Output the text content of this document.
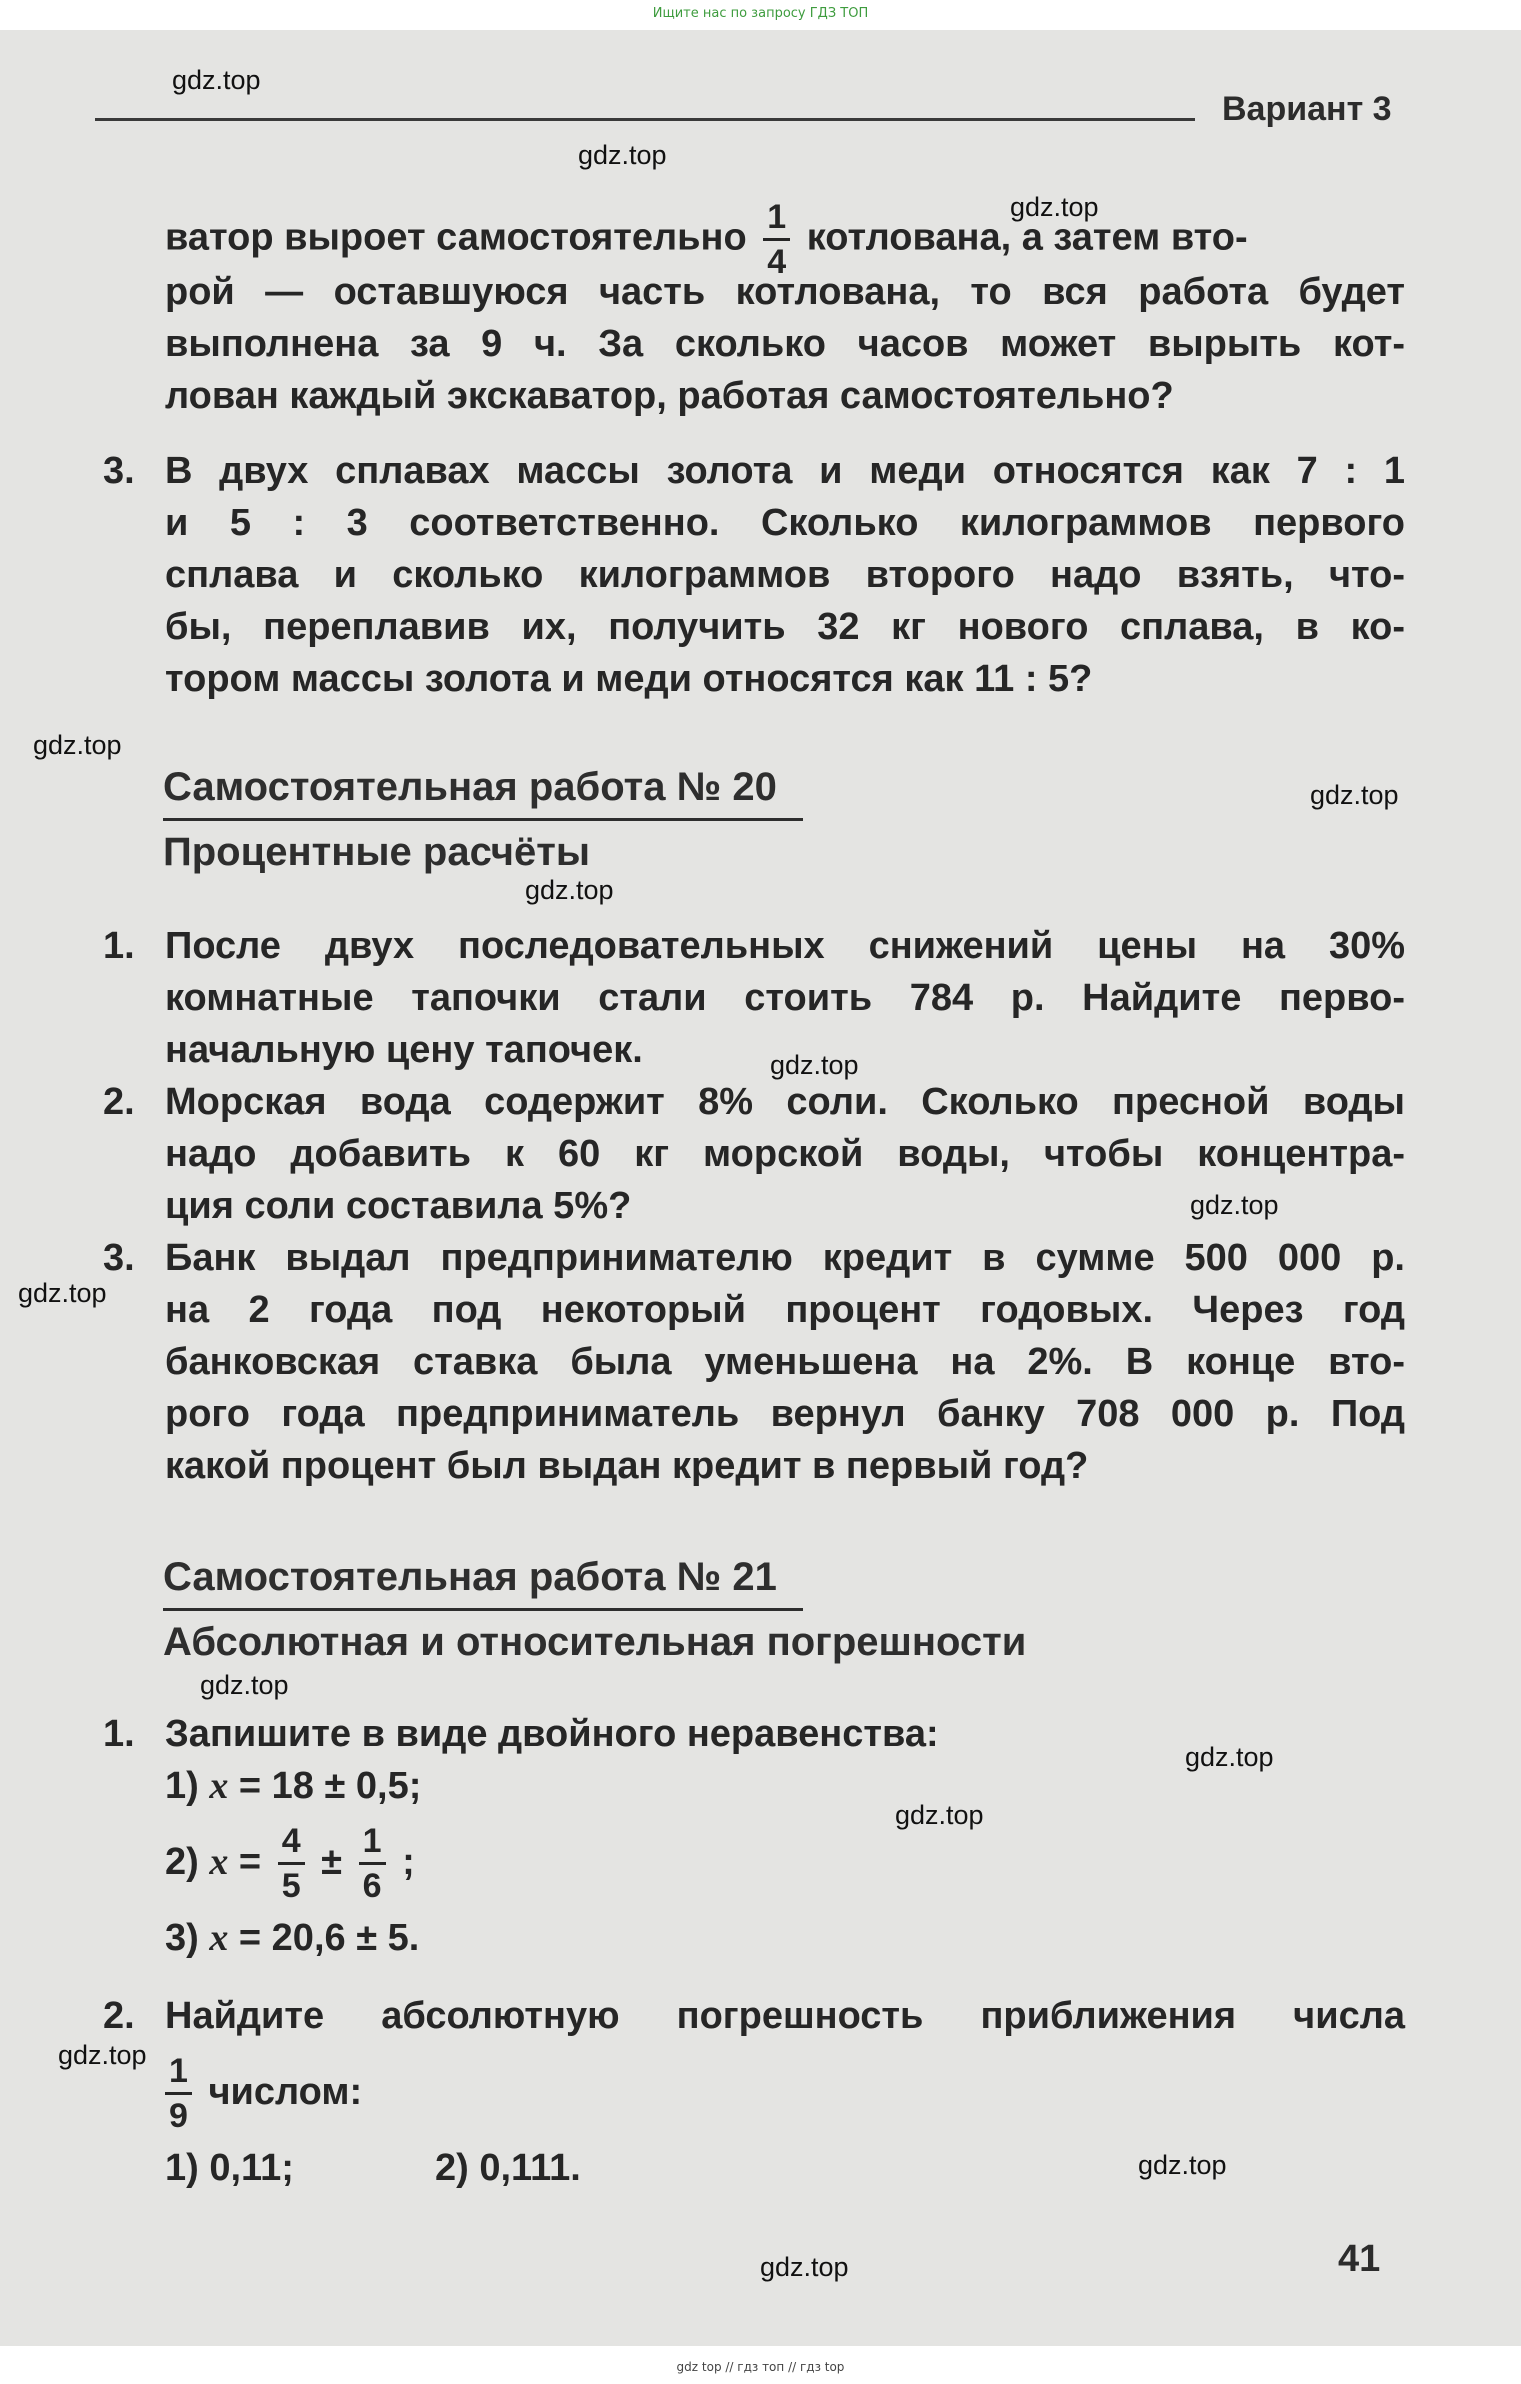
Ищите нас по запросу ГДЗ ТОП
Вариант 3
ватор выроет самостоятельно $\frac{1}{4}$ котлована, а затем вто-
рой — оставшуюся часть котлована, то вся работа будет
выполнена за 9 ч. За сколько часов может вырыть кот-
лован каждый экскаватор, работая самостоятельно?
3. В двух сплавах массы золота и меди относятся как 7 : 1
и 5 : 3 соответственно. Сколько килограммов первого
сплава и сколько килограммов второго надо взять, что-
бы, переплавив их, получить 32 кг нового сплава, в ко-
тором массы золота и меди относятся как 11 : 5?
Самостоятельная работа № 20
Процентные расчёты
1. После двух последовательных снижений цены на 30%
комнатные тапочки стали стоить 784 р. Найдите перво-
начальную цену тапочек.
2. Морская вода содержит 8% соли. Сколько пресной воды
надо добавить к 60 кг морской воды, чтобы концентра-
ция соли составила 5%?
3. Банк выдал предпринимателю кредит в сумме 500 000 р.
на 2 года под некоторый процент годовых. Через год
банковская ставка была уменьшена на 2%. В конце вто-
рого года предприниматель вернул банку 708 000 р. Под
какой процент был выдан кредит в первый год?
Самостоятельная работа № 21
Абсолютная и относительная погрешности
1. Запишите в виде двойного неравенства:
1) x = 18 ± 0,5;
2) $x = \frac{4}{5} \pm \frac{1}{6}$ ;
3) x = 20,6 ± 5.
2. Найдите абсолютную погрешность приближения числа
$\frac{1}{9}$ числом:
1) 0,11;	2) 0,111.
41
gdz.top
gdz.top
gdz.top
gdz.top
gdz.top
gdz.top
gdz.top
gdz.top
gdz.top
gdz.top
gdz.top
gdz.top
gdz.top
gdz.top
gdz.top
gdz top // гдз топ // гдз top
